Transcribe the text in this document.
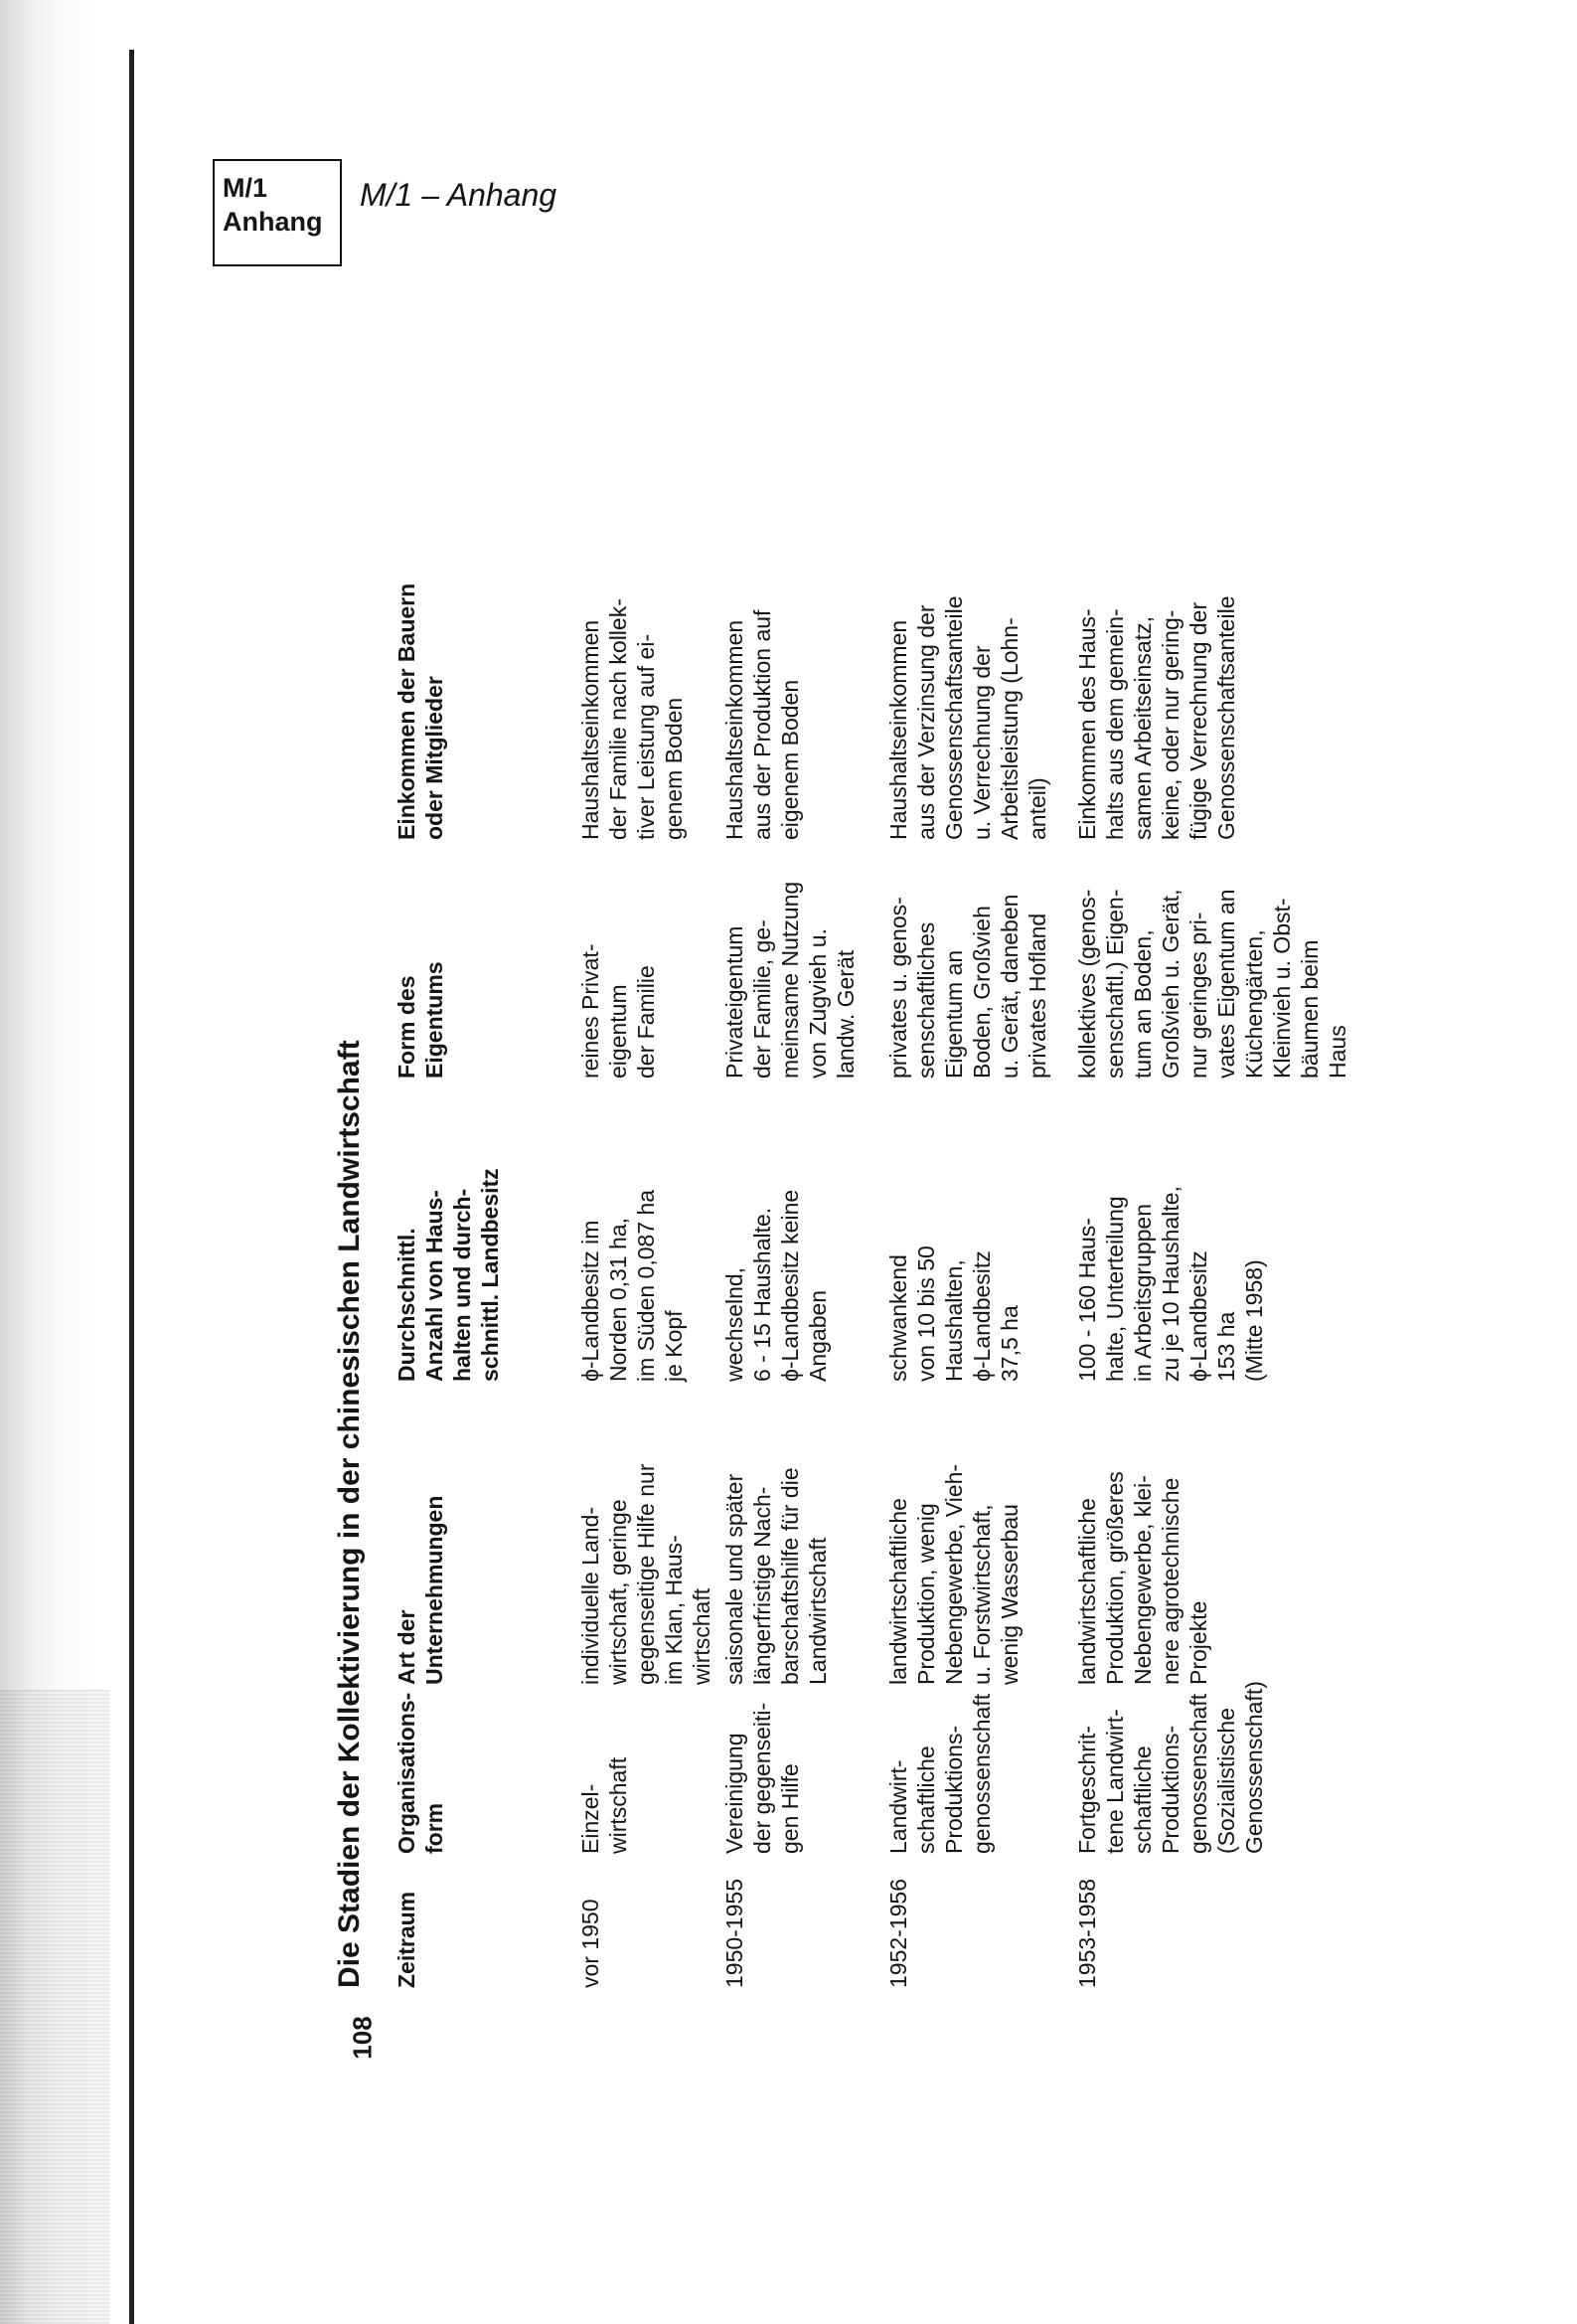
M/1
Anhang
M/1 – Anhang
108
Die Stadien der Kollektivierung in der chinesischen Landwirtschaft	Zeitraum
Organisations- form
Art der Unternehmungen
Durchschnittl. Anzahl von Haus- halten und durch- schnittl. Landbesitz
Form des Eigentums
Einkommen der Bauern oder Mitglieder
vor 1950
Einzel- wirtschaft
individuelle Land- wirtschaft, geringe gegenseitige Hilfe nur im Klan, Haus- wirtschaft
ϕ-Landbesitz im Norden 0,31 ha, im Süden 0,087 ha je Kopf
reines Privat- eigentum der Familie
Haushaltseinkommen der Familie nach kollek- tiver Leistung auf ei- genem Boden
1950-1955
Vereinigung der gegenseiti- gen Hilfe
saisonale und später längerfristige Nach- barschaftshilfe für die Landwirtschaft
wechselnd, 6 - 15 Haushalte. ϕ-Landbesitz keine Angaben
Privateigentum der Familie, ge- meinsame Nutzung von Zugvieh u. landw. Gerät
Haushaltseinkommen aus der Produktion auf eigenem Boden
1952-1956
Landwirt- schaftliche Produktions- genossenschaft
landwirtschaftliche Produktion, wenig Nebengewerbe, Vieh- u. Forstwirtschaft, wenig Wasserbau
schwankend von 10 bis 50 Haushalten, ϕ-Landbesitz 37,5 ha
privates u. genos- senschaftliches Eigentum an Boden, Großvieh u. Gerät, daneben privates Hofland
Haushaltseinkommen aus der Verzinsung der Genossenschaftsanteile u. Verrechnung der Arbeitsleistung (Lohn- anteil)
1953-1958
Fortgeschrit- tene Landwirt- schaftliche Produktions- genossenschaft (Sozialistische Genossenschaft)
landwirtschaftliche Produktion, größeres Nebengewerbe, klei- nere agrotechnische Projekte
100 - 160 Haus- halte, Unterteilung in Arbeitsgruppen zu je 10 Haushalte, ϕ-Landbesitz 153 ha (Mitte 1958)
kollektives (genos- senschaftl.) Eigen- tum an Boden, Großvieh u. Gerät, nur geringes pri- vates Eigentum an Küchengärten, Kleinvieh u. Obst- bäumen beim Haus
Einkommen des Haus- halts aus dem gemein- samen Arbeitseinsatz, keine, oder nur gering- fügige Verrechnung der Genossenschaftsanteile
